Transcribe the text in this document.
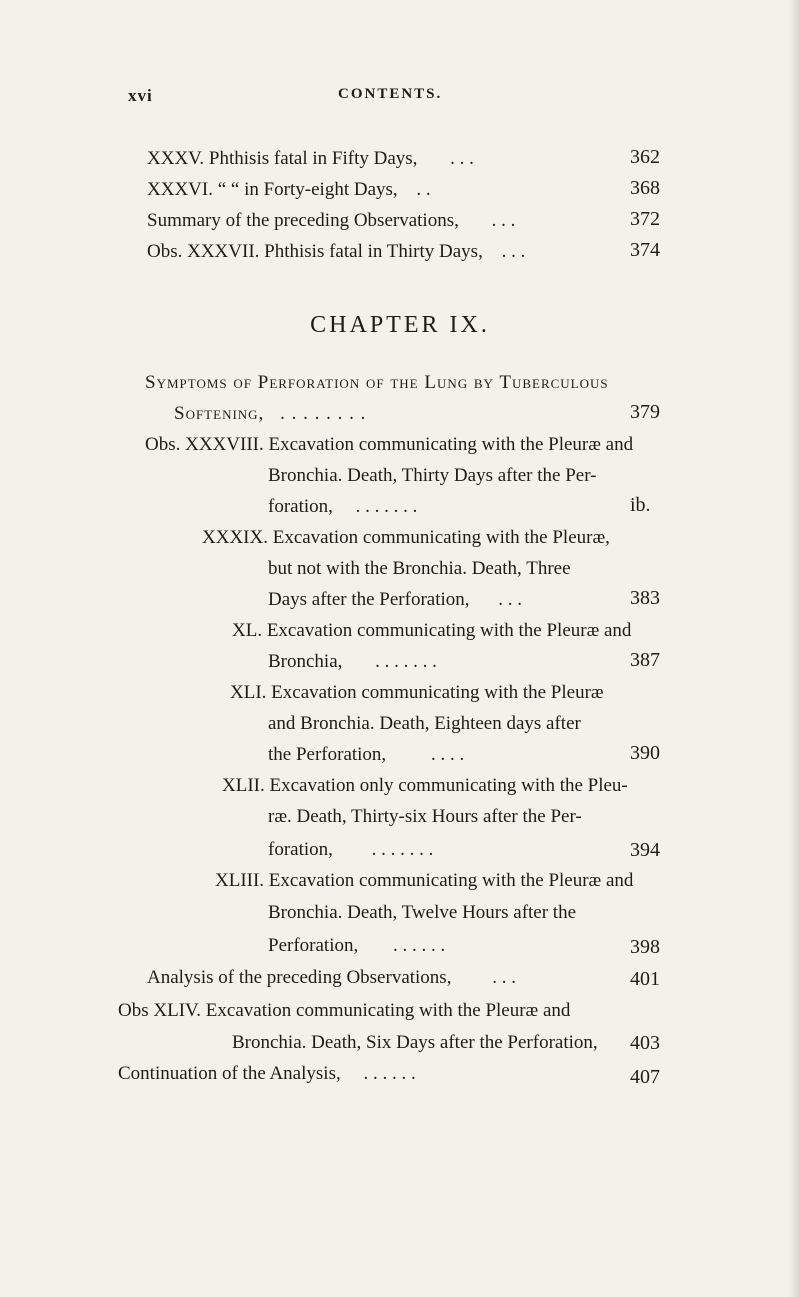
xvi	CONTENTS.
XXXV. Phthisis fatal in Fifty Days, . . .	362
XXXVI. “ “ in Forty-eight Days, . .	368
Summary of the preceding Observations, . . .	372
Obs. XXXVII. Phthisis fatal in Thirty Days, . . .	374
CHAPTER IX.
Symptoms of Perforation of the Lung by Tuberculous
Softening, . . . . . . . .	379
Obs. XXXVIII. Excavation communicating with the Pleuræ and
Bronchia. Death, Thirty Days after the Per-
foration, . . . . . . .	ib.
XXXIX. Excavation communicating with the Pleuræ,
but not with the Bronchia. Death, Three
Days after the Perforation, . . .	383
XL. Excavation communicating with the Pleuræ and
Bronchia, . . . . . . .	387
XLI. Excavation communicating with the Pleuræ
and Bronchia. Death, Eighteen days after
the Perforation, . . . .	390
XLII. Excavation only communicating with the Pleu-
ræ. Death, Thirty-six Hours after the Per-
foration, . . . . . . .	394
XLIII. Excavation communicating with the Pleuræ and
Bronchia. Death, Twelve Hours after the
Perforation, . . . . . .	398
Analysis of the preceding Observations, . . .	401
Obs XLIV. Excavation communicating with the Pleuræ and
Bronchia. Death, Six Days after the Perforation, 403
Continuation of the Analysis, . . . . . .	407
